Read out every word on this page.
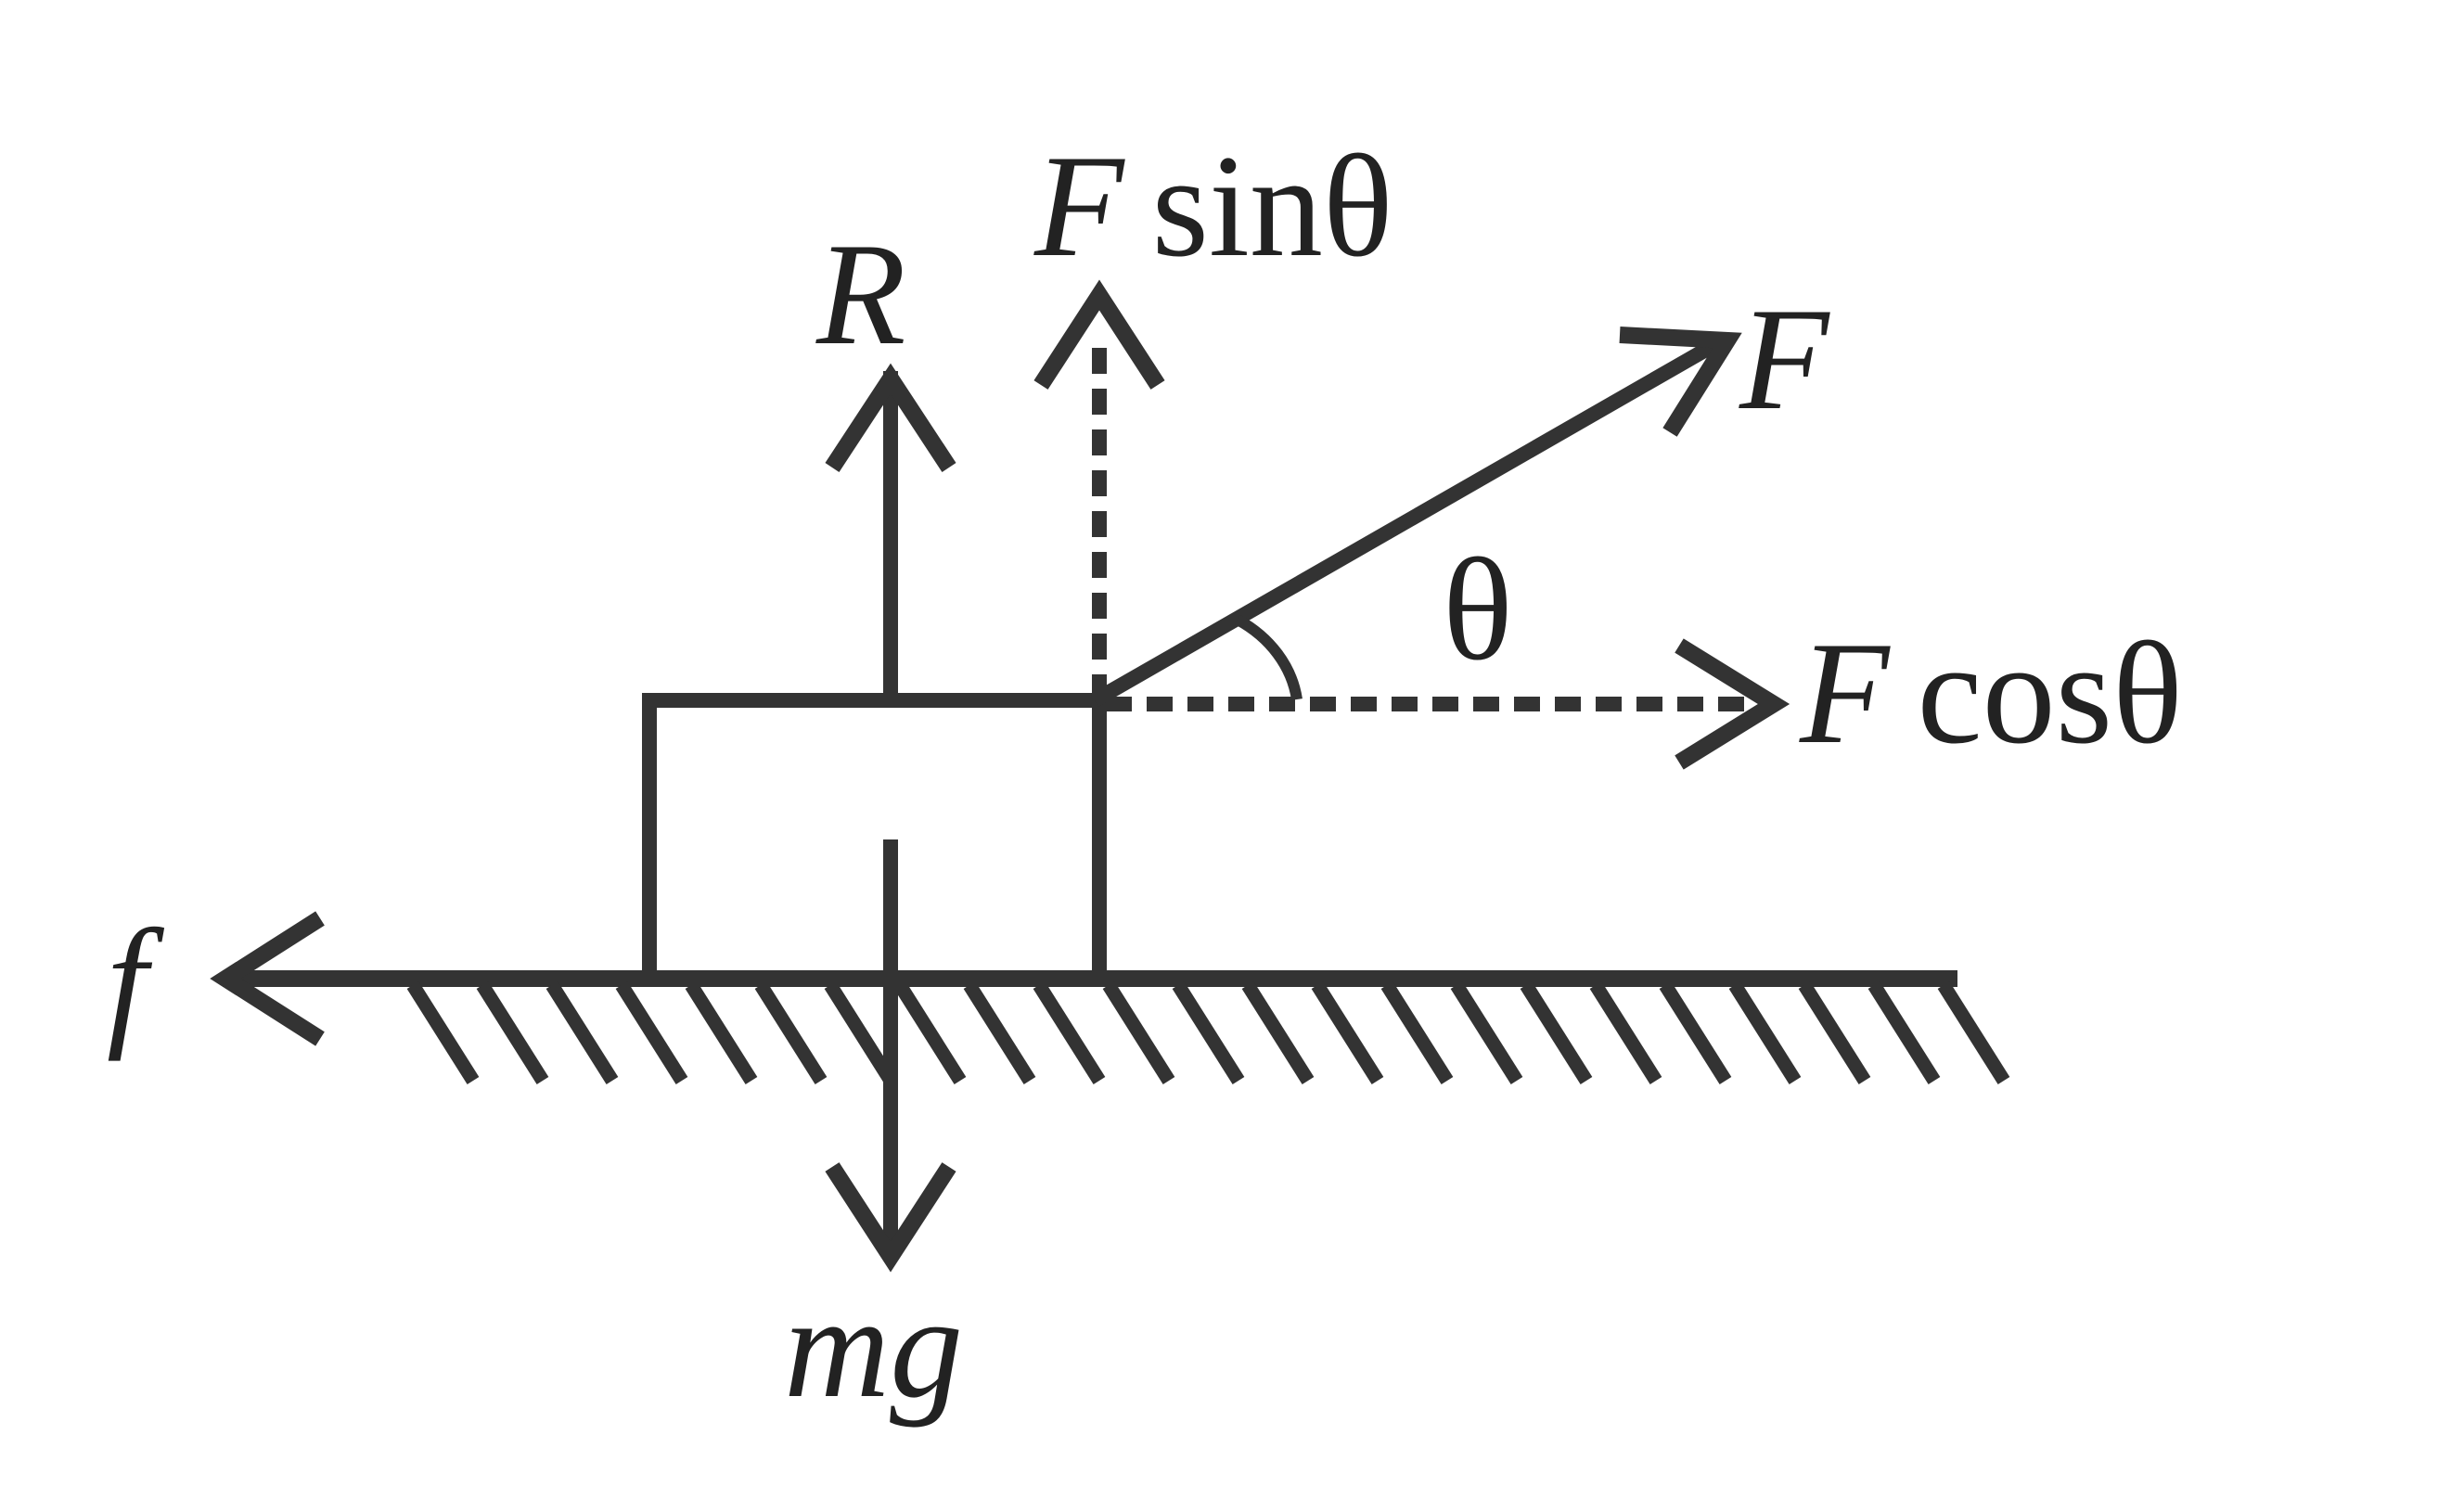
R
mg
f
F
F sinθ
F cosθ
θ
